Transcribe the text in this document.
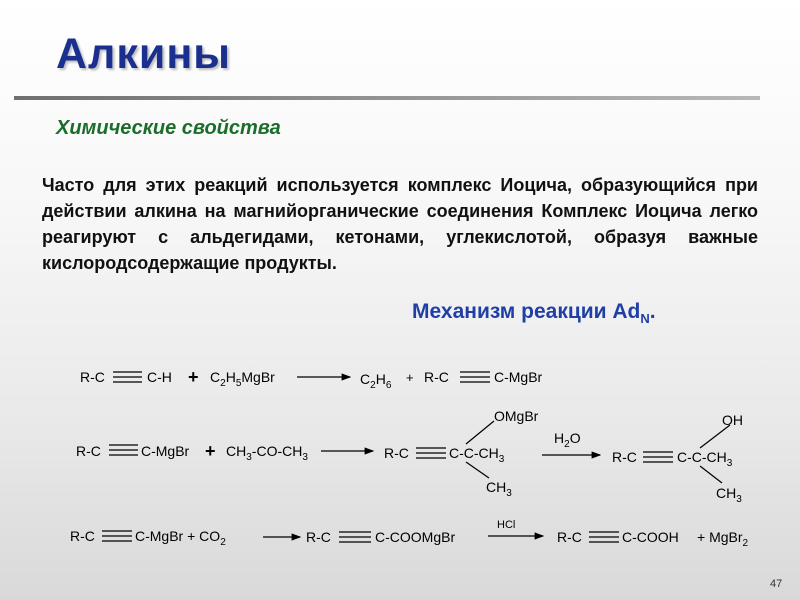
Алкины
Химические свойства
Часто для этих реакций используется комплекс Иоцича, образующийся при действии алкина на магнийорганические соединения Комплекс Иоцича легко реагируют с альдегидами, кетонами, углекислотой, образуя важные кислородсодержащие продукты.
Механизм реакции $Ad_N$.
R-C	$C-H + C_2H_5MgBr$	$C_2H_6$
+ R-C	C-MgBr
R-C	C-MgBr + $CH_3-CO-CH_3$	R-C	$C-C-CH_3$
OMgBr
$CH_3$
$H_2O$
R-C	$C-C-CH_3$
OH
$CH_3$
R-C	C-MgBr + $CO_2$	R-C	C-COOMgBr
HCl
R-C	C-COOH + MgBr$_2$
47
